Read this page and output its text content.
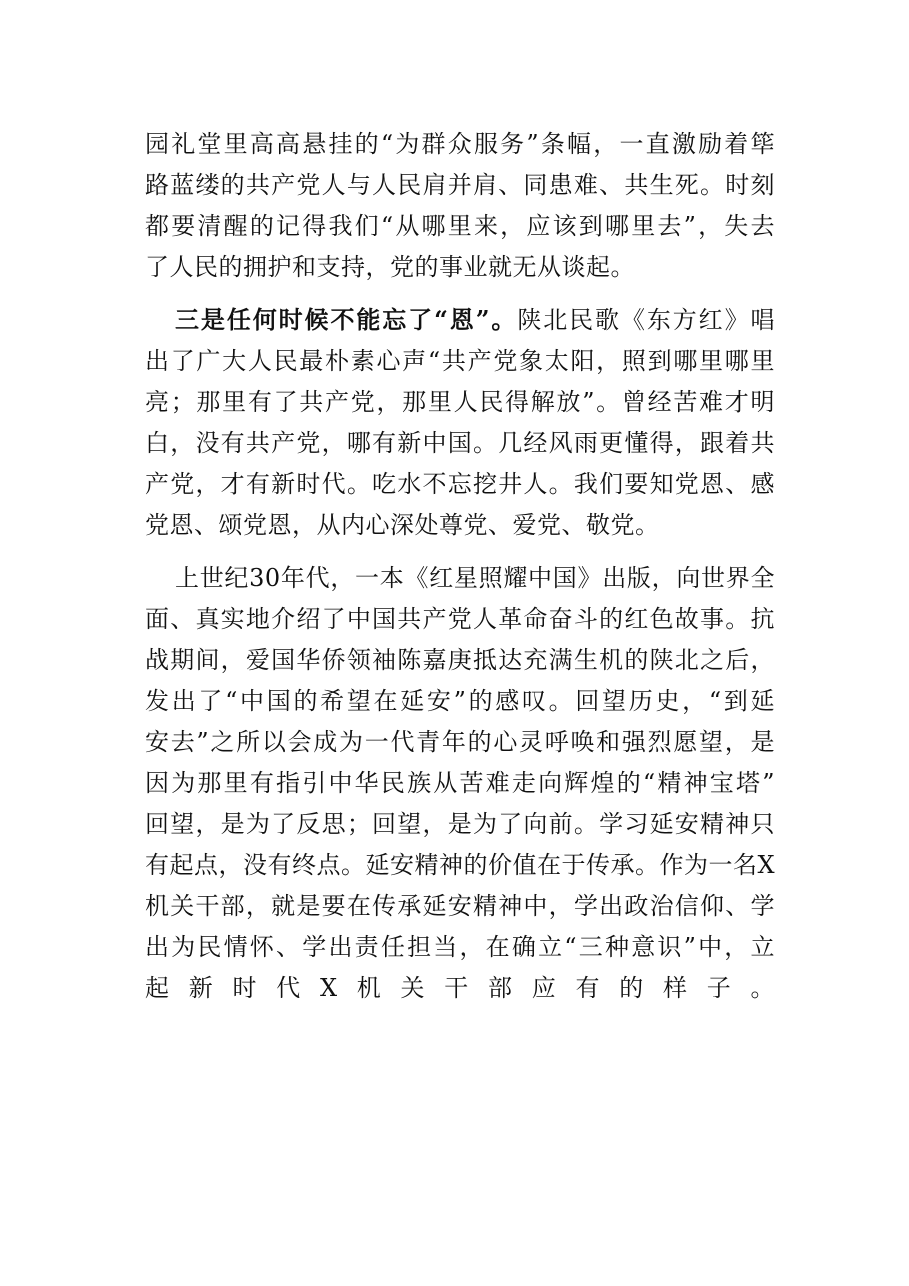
园礼堂里高高悬挂的“为群众服务”条幅，一直激励着筚
路蓝缕的共产党人与人民肩并肩、同患难、共生死。时刻
都要清醒的记得我们“从哪里来，应该到哪里去”，失去
了人民的拥护和支持，党的事业就无从谈起。
三是任何时候不能忘了“恩”。陕北民歌《东方红》唱
出了广大人民最朴素心声“共产党象太阳，照到哪里哪里
亮；那里有了共产党，那里人民得解放”。曾经苦难才明
白，没有共产党，哪有新中国。几经风雨更懂得，跟着共
产党，才有新时代。吃水不忘挖井人。我们要知党恩、感
党恩、颂党恩，从内心深处尊党、爱党、敬党。
上世纪30年代，一本《红星照耀中国》出版，向世界全
面、真实地介绍了中国共产党人革命奋斗的红色故事。抗
战期间，爱国华侨领袖陈嘉庚抵达充满生机的陕北之后，
发出了“中国的希望在延安”的感叹。回望历史，“到延
安去”之所以会成为一代青年的心灵呼唤和强烈愿望，是
因为那里有指引中华民族从苦难走向辉煌的“精神宝塔”
回望，是为了反思；回望，是为了向前。学习延安精神只
有起点，没有终点。延安精神的价值在于传承。作为一名X
机关干部，就是要在传承延安精神中，学出政治信仰、学
出为民情怀、学出责任担当，在确立“三种意识”中，立
起新时代X机关干部应有的样子。
